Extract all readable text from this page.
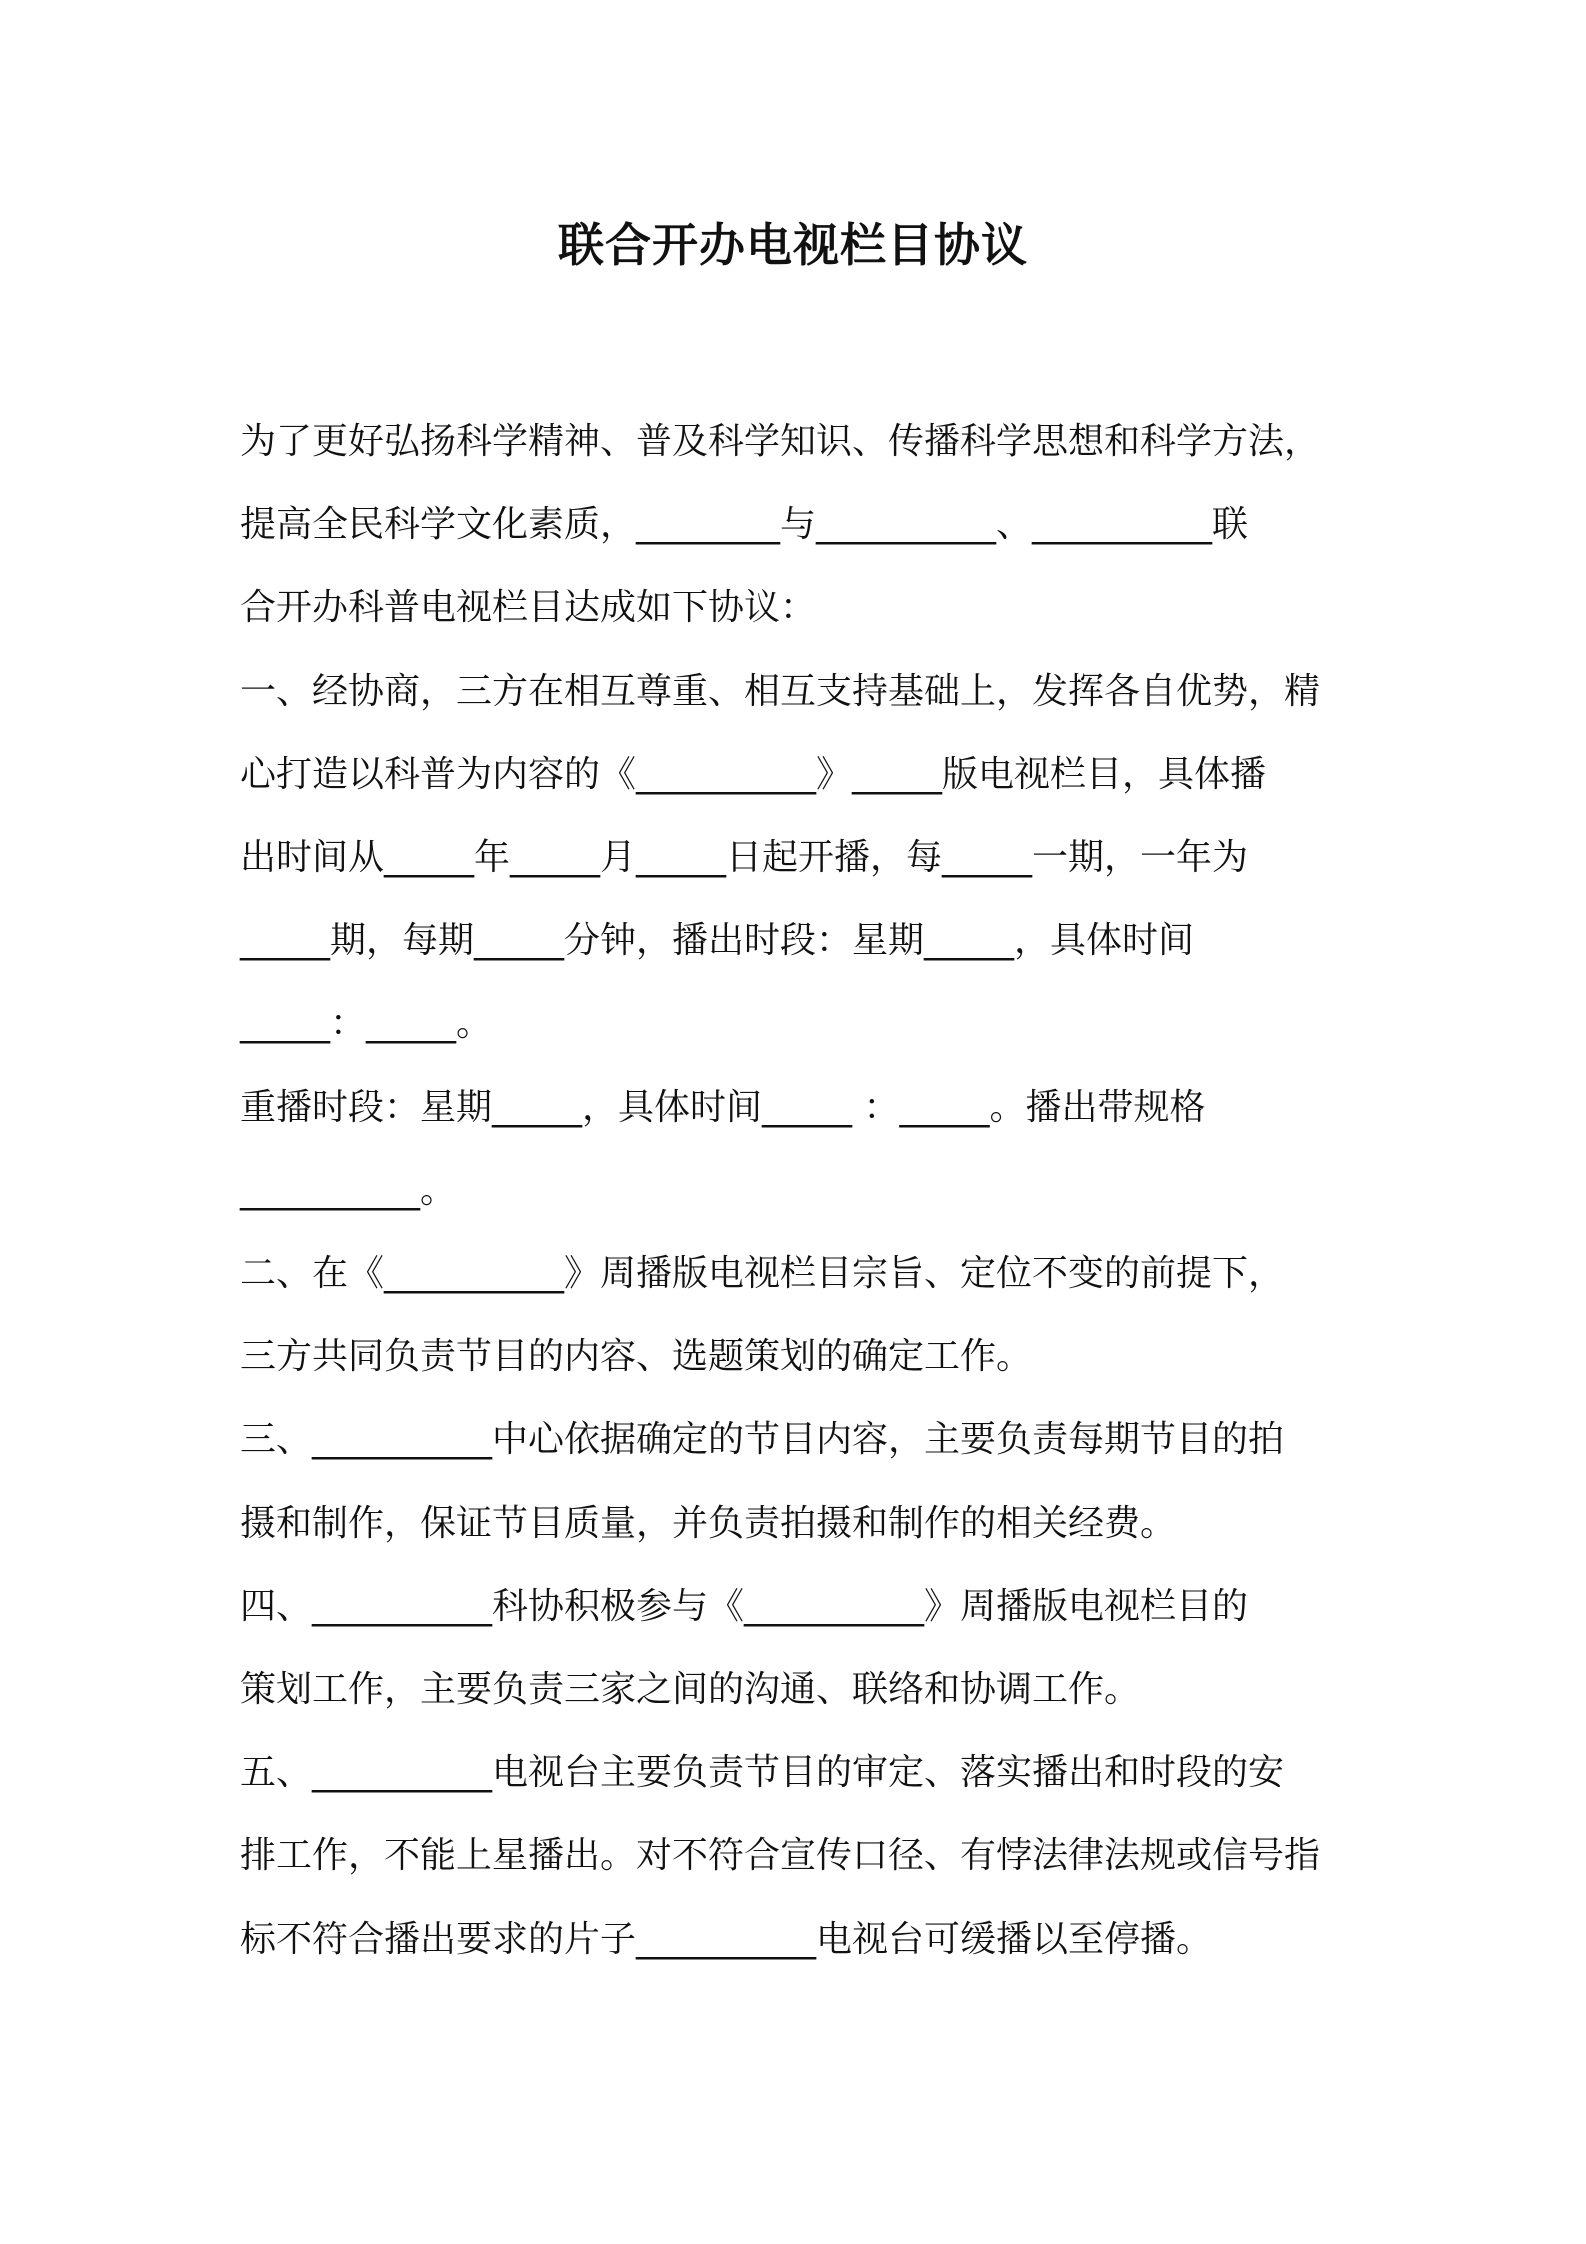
联合开办电视栏目协议

为了更好弘扬科学精神、普及科学知识、传播科学思想和科学方法，

提高全民科学文化素质，________与__________、__________联

合开办科普电视栏目达成如下协议：

一、经协商，三方在相互尊重、相互支持基础上，发挥各自优势，精

心打造以科普为内容的《__________》_____版电视栏目，具体播

出时间从_____年_____月_____日起开播，每_____一期，一年为

_____期，每期_____分钟，播出时段：星期_____，具体时间

_____：_____。

重播时段：星期_____，具体时间_____ ：_____。播出带规格

__________。

二、在《__________》周播版电视栏目宗旨、定位不变的前提下，

三方共同负责节目的内容、选题策划的确定工作。

三、__________中心依据确定的节目内容，主要负责每期节目的拍

摄和制作，保证节目质量，并负责拍摄和制作的相关经费。

四、__________科协积极参与《__________》周播版电视栏目的

策划工作，主要负责三家之间的沟通、联络和协调工作。

五、__________电视台主要负责节目的审定、落实播出和时段的安

排工作，不能上星播出。对不符合宣传口径、有悖法律法规或信号指

标不符合播出要求的片子__________电视台可缓播以至停播。
